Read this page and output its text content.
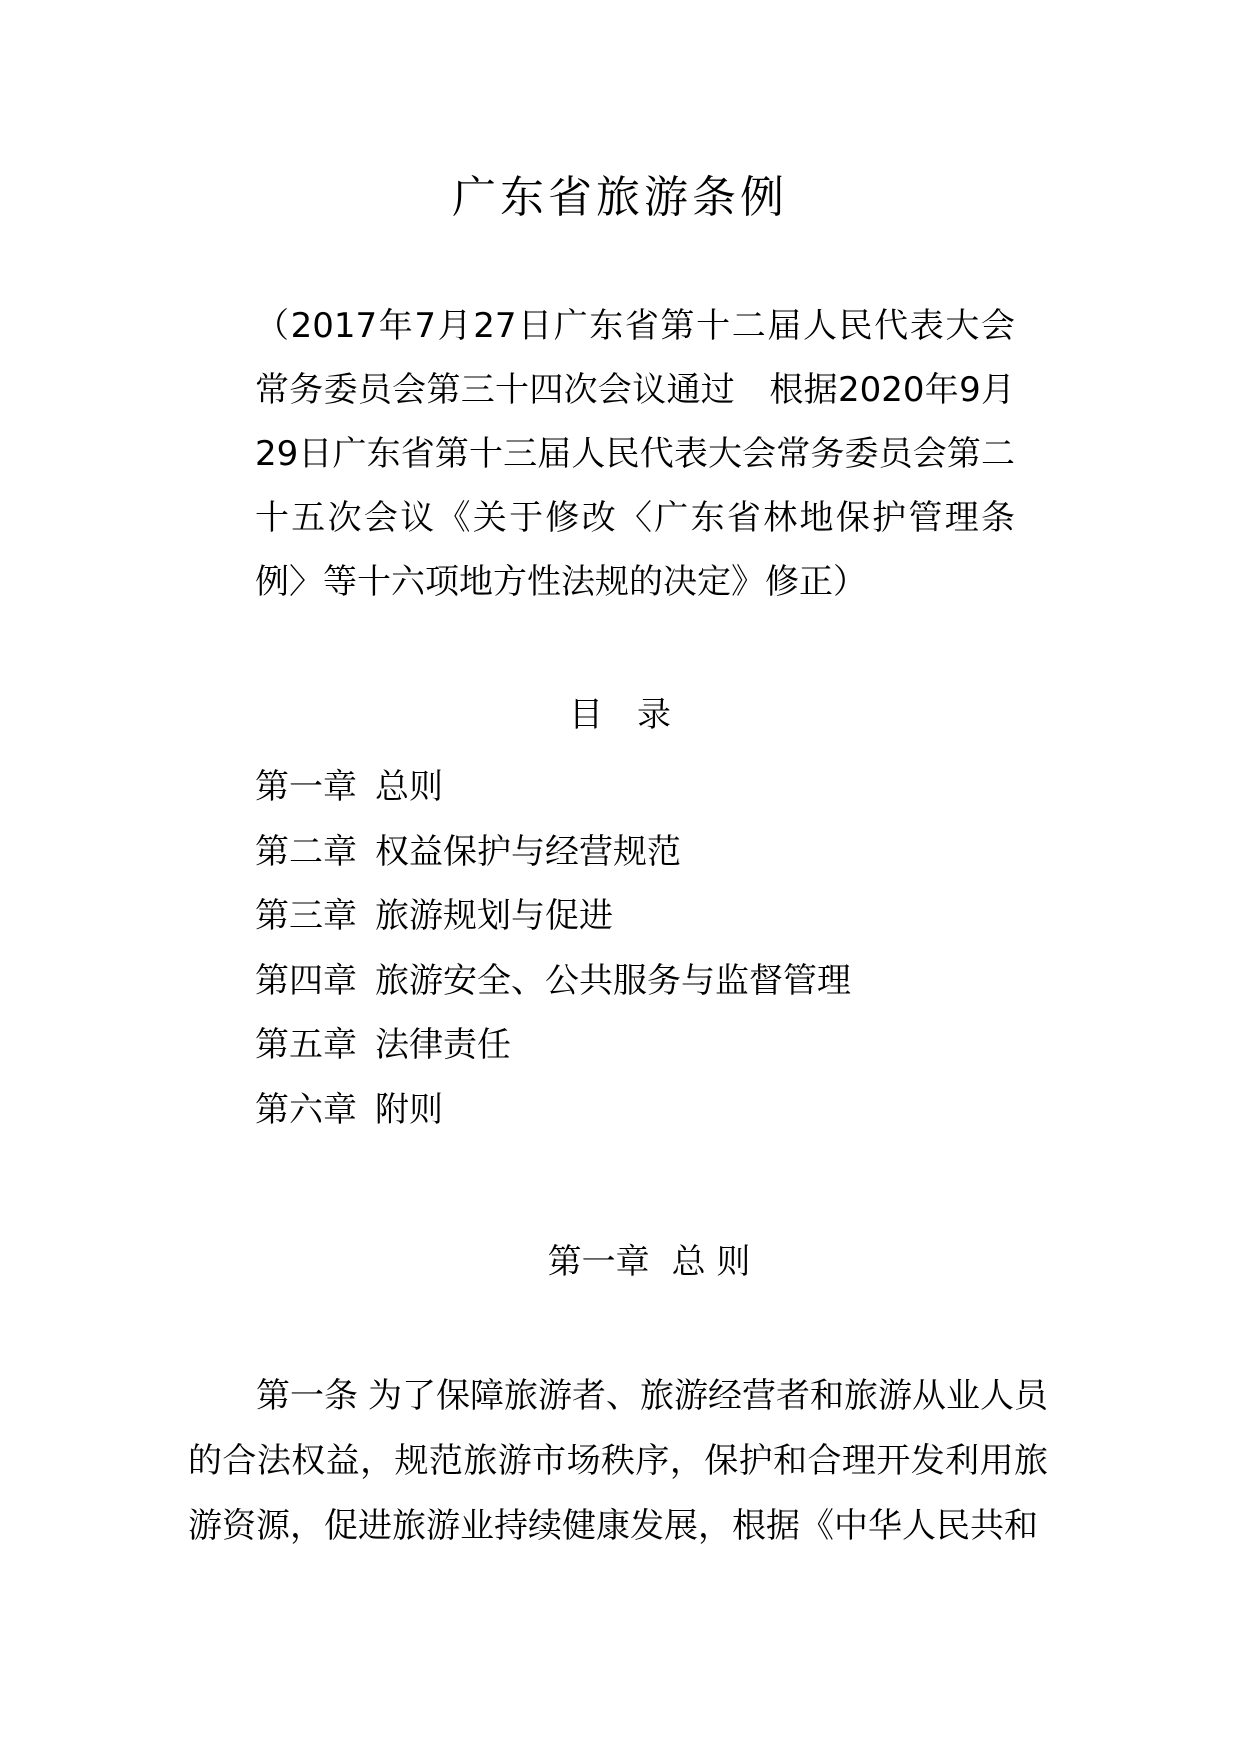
广东省旅游条例

（2017年7月27日广东省第十二届人民代表大会常务委员会第三十四次会议通过　根据2020年9月29日广东省第十三届人民代表大会常务委员会第二十五次会议《关于修改〈广东省林地保护管理条例〉等十六项地方性法规的决定》修正）

目　录
第一章 总则
第二章 权益保护与经营规范
第三章 旅游规划与促进
第四章 旅游安全、公共服务与监督管理
第五章 法律责任
第六章 附则
第一章 总 则

第一条 为了保障旅游者、旅游经营者和旅游从业人员的合法权益，规范旅游市场秩序，保护和合理开发利用旅游资源，促进旅游业持续健康发展，根据《中华人民共和
